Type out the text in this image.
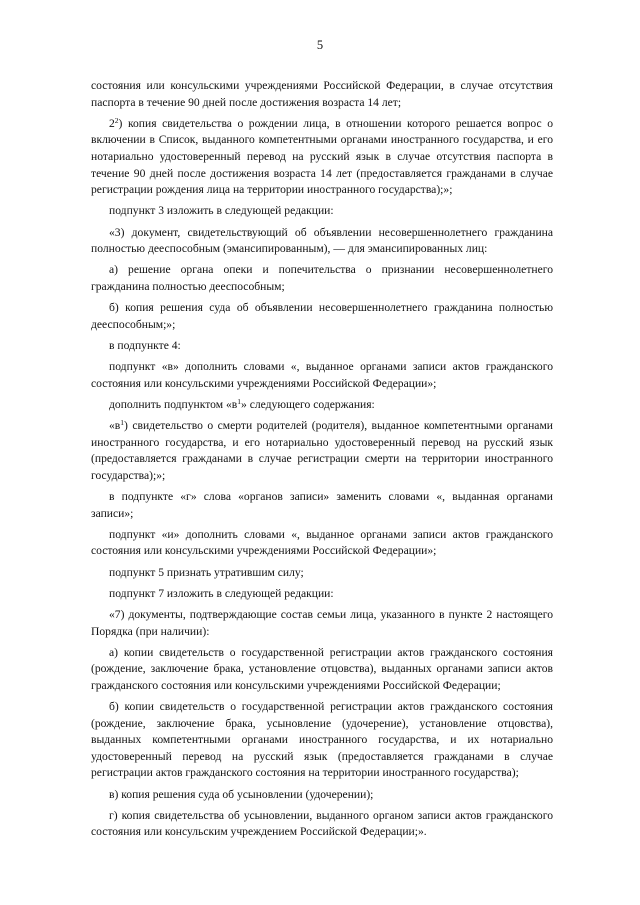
5

состояния или консульскими учреждениями Российской Федерации, в случае отсутствия паспорта в течение 90 дней после достижения возраста 14 лет;

$2^2$) копия свидетельства о рождении лица, в отношении которого решается вопрос о включении в Список, выданного компетентными органами иностранного государства, и его нотариально удостоверенный перевод на русский язык в случае отсутствия паспорта в течение 90 дней после достижения возраста 14 лет (предоставляется гражданами в случае регистрации рождения лица на территории иностранного государства);»;

подпункт 3 изложить в следующей редакции:

«3) документ, свидетельствующий об объявлении несовершеннолетнего гражданина полностью дееспособным (эмансипированным), — для эмансипированных лиц:

а) решение органа опеки и попечительства о признании несовершеннолетнего гражданина полностью дееспособным;

б) копия решения суда об объявлении несовершеннолетнего гражданина полностью дееспособным;»;

в подпункте 4:

подпункт «в» дополнить словами «, выданное органами записи актов гражданского состояния или консульскими учреждениями Российской Федерации»;

дополнить подпунктом «$в^1$» следующего содержания:

«$в^1$) свидетельство о смерти родителей (родителя), выданное компетентными органами иностранного государства, и его нотариально удостоверенный перевод на русский язык (предоставляется гражданами в случае регистрации смерти на территории иностранного государства);»;

в подпункте «г» слова «органов записи» заменить словами «, выданная органами записи»;

подпункт «и» дополнить словами «, выданное органами записи актов гражданского состояния или консульскими учреждениями Российской Федерации»;

подпункт 5 признать утратившим силу;

подпункт 7 изложить в следующей редакции:

«7) документы, подтверждающие состав семьи лица, указанного в пункте 2 настоящего Порядка (при наличии):

а) копии свидетельств о государственной регистрации актов гражданского состояния (рождение, заключение брака, установление отцовства), выданных органами записи актов гражданского состояния или консульскими учреждениями Российской Федерации;

б) копии свидетельств о государственной регистрации актов гражданского состояния (рождение, заключение брака, усыновление (удочерение), установление отцовства), выданных компетентными органами иностранного государства, и их нотариально удостоверенный перевод на русский язык (предоставляется гражданами в случае регистрации актов гражданского состояния на территории иностранного государства);

в) копия решения суда об усыновлении (удочерении);

г) копия свидетельства об усыновлении, выданного органом записи актов гражданского состояния или консульским учреждением Российской Федерации;».
